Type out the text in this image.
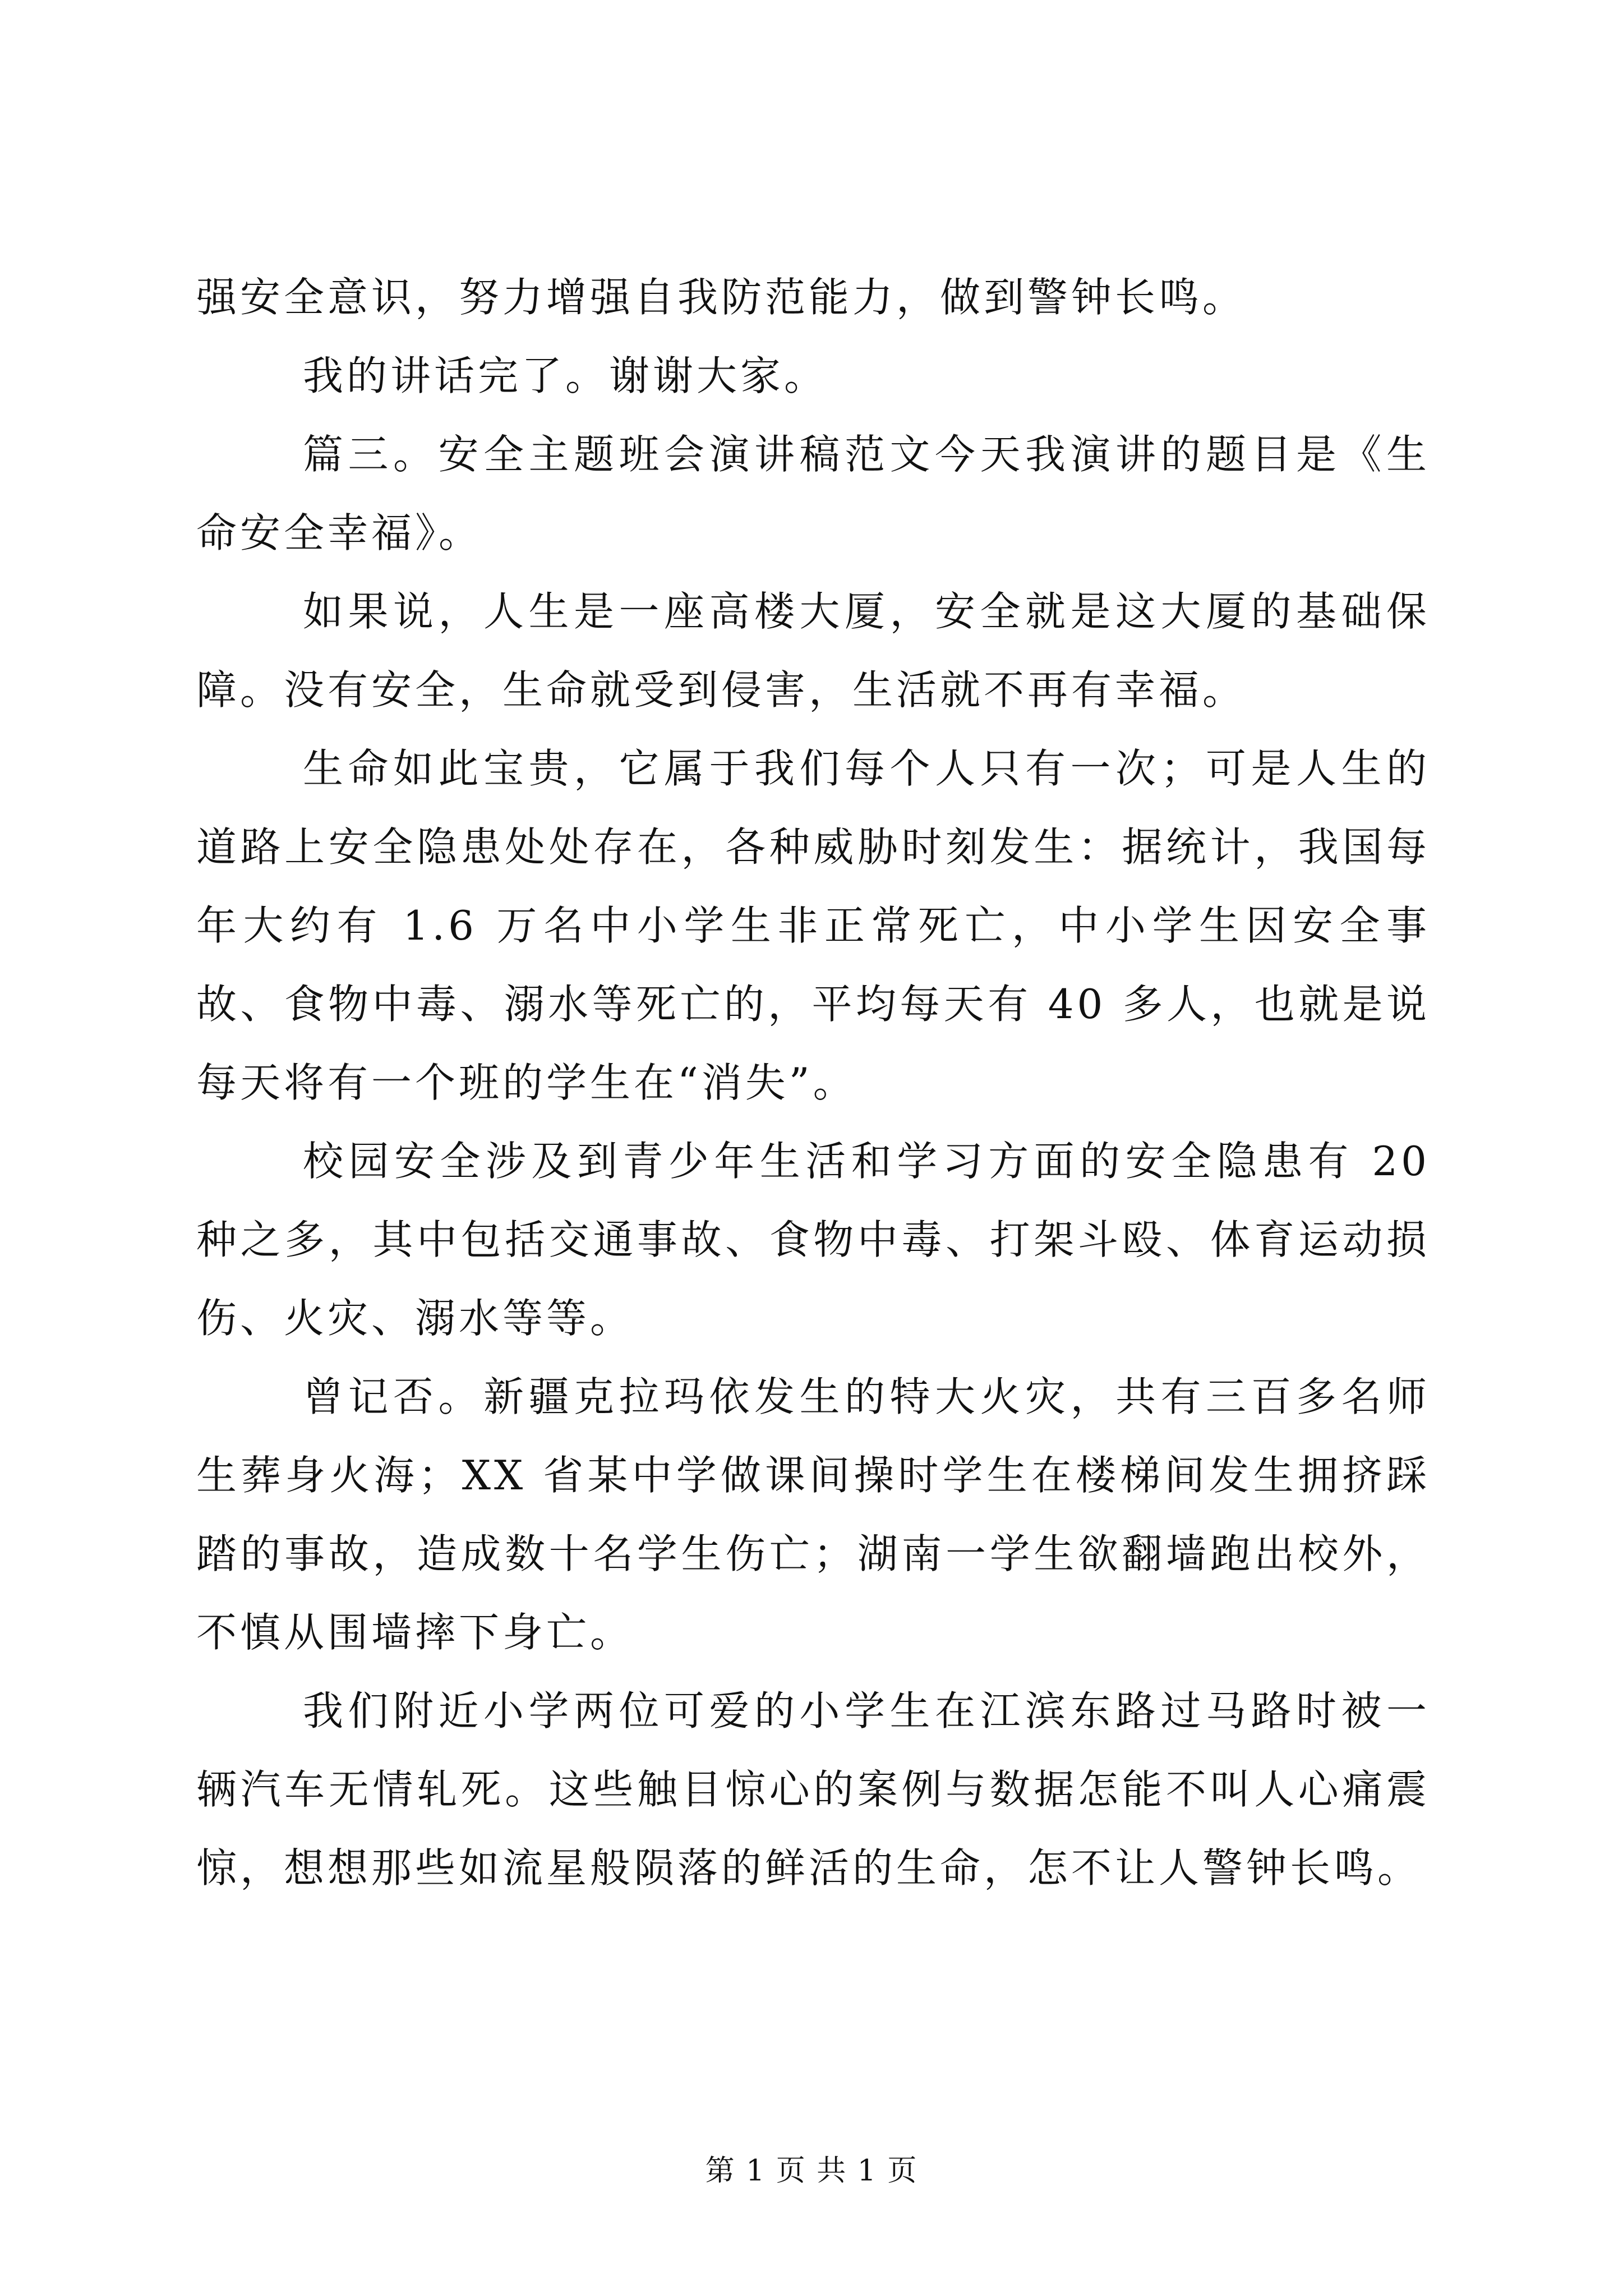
强安全意识，努力增强自我防范能力，做到警钟长鸣。

我的讲话完了。谢谢大家。

篇三。安全主题班会演讲稿范文今天我演讲的题目是《生命安全幸福》。

如果说，人生是一座高楼大厦，安全就是这大厦的基础保障。没有安全，生命就受到侵害，生活就不再有幸福。

生命如此宝贵，它属于我们每个人只有一次；可是人生的道路上安全隐患处处存在，各种威胁时刻发生：据统计，我国每年大约有 1.6 万名中小学生非正常死亡，中小学生因安全事故、食物中毒、溺水等死亡的，平均每天有 40 多人，也就是说每天将有一个班的学生在“消失”。

校园安全涉及到青少年生活和学习方面的安全隐患有 20 种之多，其中包括交通事故、食物中毒、打架斗殴、体育运动损伤、火灾、溺水等等。

曾记否。新疆克拉玛依发生的特大火灾，共有三百多名师生葬身火海；XX 省某中学做课间操时学生在楼梯间发生拥挤踩踏的事故，造成数十名学生伤亡；湖南一学生欲翻墙跑出校外，不慎从围墙摔下身亡。

我们附近小学两位可爱的小学生在江滨东路过马路时被一辆汽车无情轧死。这些触目惊心的案例与数据怎能不叫人心痛震惊，想想那些如流星般陨落的鲜活的生命，怎不让人警钟长鸣。

第 1 页 共 1 页
